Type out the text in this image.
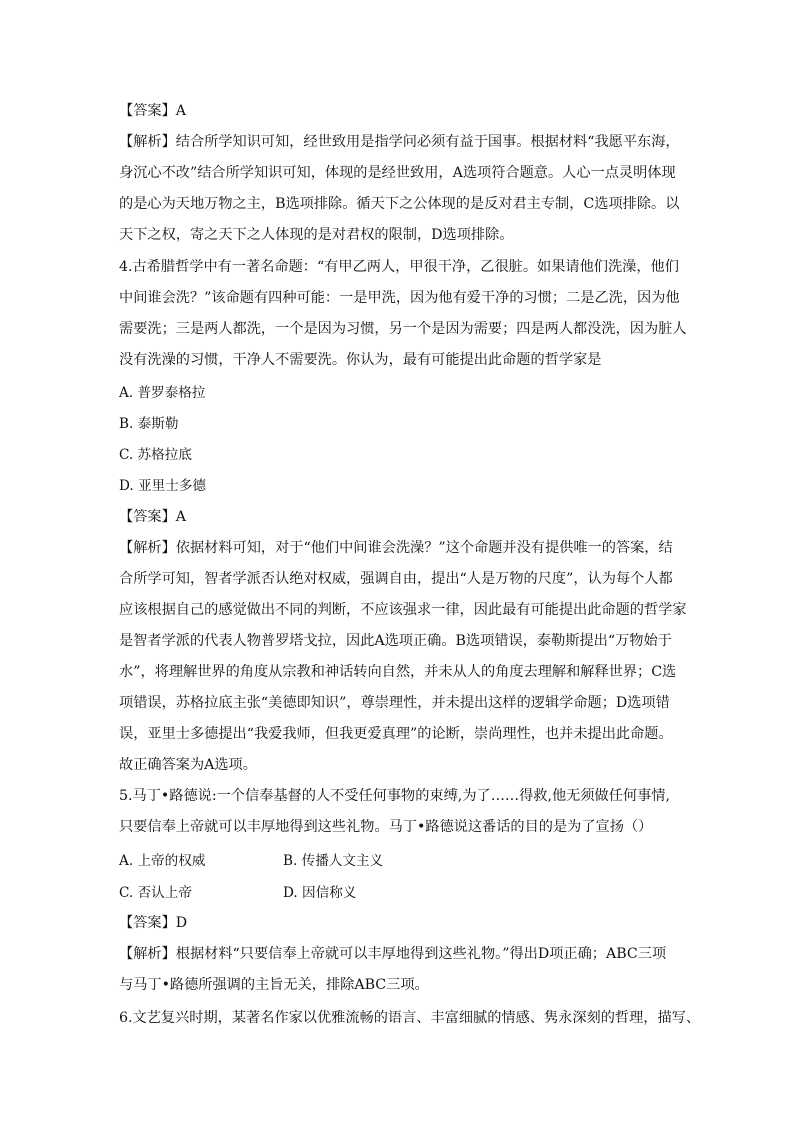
【答案】A
【解析】结合所学知识可知，经世致用是指学问必须有益于国事。根据材料“我愿平东海，
身沉心不改”结合所学知识可知，体现的是经世致用，A选项符合题意。人心一点灵明体现
的是心为天地万物之主，B选项排除。循天下之公体现的是反对君主专制，C选项排除。以
天下之权，寄之天下之人体现的是对君权的限制，D选项排除。
4.古希腊哲学中有一著名命题：“有甲乙两人，甲很干净，乙很脏。如果请他们洗澡，他们
中间谁会洗？”该命题有四种可能：一是甲洗，因为他有爱干净的习惯；二是乙洗，因为他
需要洗；三是两人都洗，一个是因为习惯，另一个是因为需要；四是两人都没洗，因为脏人
没有洗澡的习惯，干净人不需要洗。你认为，最有可能提出此命题的哲学家是
A. 普罗泰格拉
B. 泰斯勒
C. 苏格拉底
D. 亚里士多德
【答案】A
【解析】依据材料可知，对于“他们中间谁会洗澡？”这个命题并没有提供唯一的答案，结
合所学可知，智者学派否认绝对权威，强调自由，提出“人是万物的尺度”，认为每个人都
应该根据自己的感觉做出不同的判断，不应该强求一律，因此最有可能提出此命题的哲学家
是智者学派的代表人物普罗塔戈拉，因此A选项正确。B选项错误，泰勒斯提出“万物始于
水”，将理解世界的角度从宗教和神话转向自然，并未从人的角度去理解和解释世界；C选
项错误，苏格拉底主张“美德即知识”，尊崇理性，并未提出这样的逻辑学命题；D选项错
误，亚里士多德提出“我爱我师，但我更爱真理”的论断，崇尚理性，也并未提出此命题。
故正确答案为A选项。
5.马丁•路德说:一个信奉基督的人不受任何事物的束缚,为了……得救,他无须做任何事情,
只要信奉上帝就可以丰厚地得到这些礼物。马丁•路德说这番话的目的是为了宣扬（）
A. 上帝的权威	B. 传播人文主义
C. 否认上帝	D. 因信称义
【答案】D
【解析】根据材料“只要信奉上帝就可以丰厚地得到这些礼物。”得出D项正确；ABC三项
与马丁•路德所强调的主旨无关，排除ABC三项。
6.文艺复兴时期，某著名作家以优雅流畅的语言、丰富细腻的情感、隽永深刻的哲理，描写、
